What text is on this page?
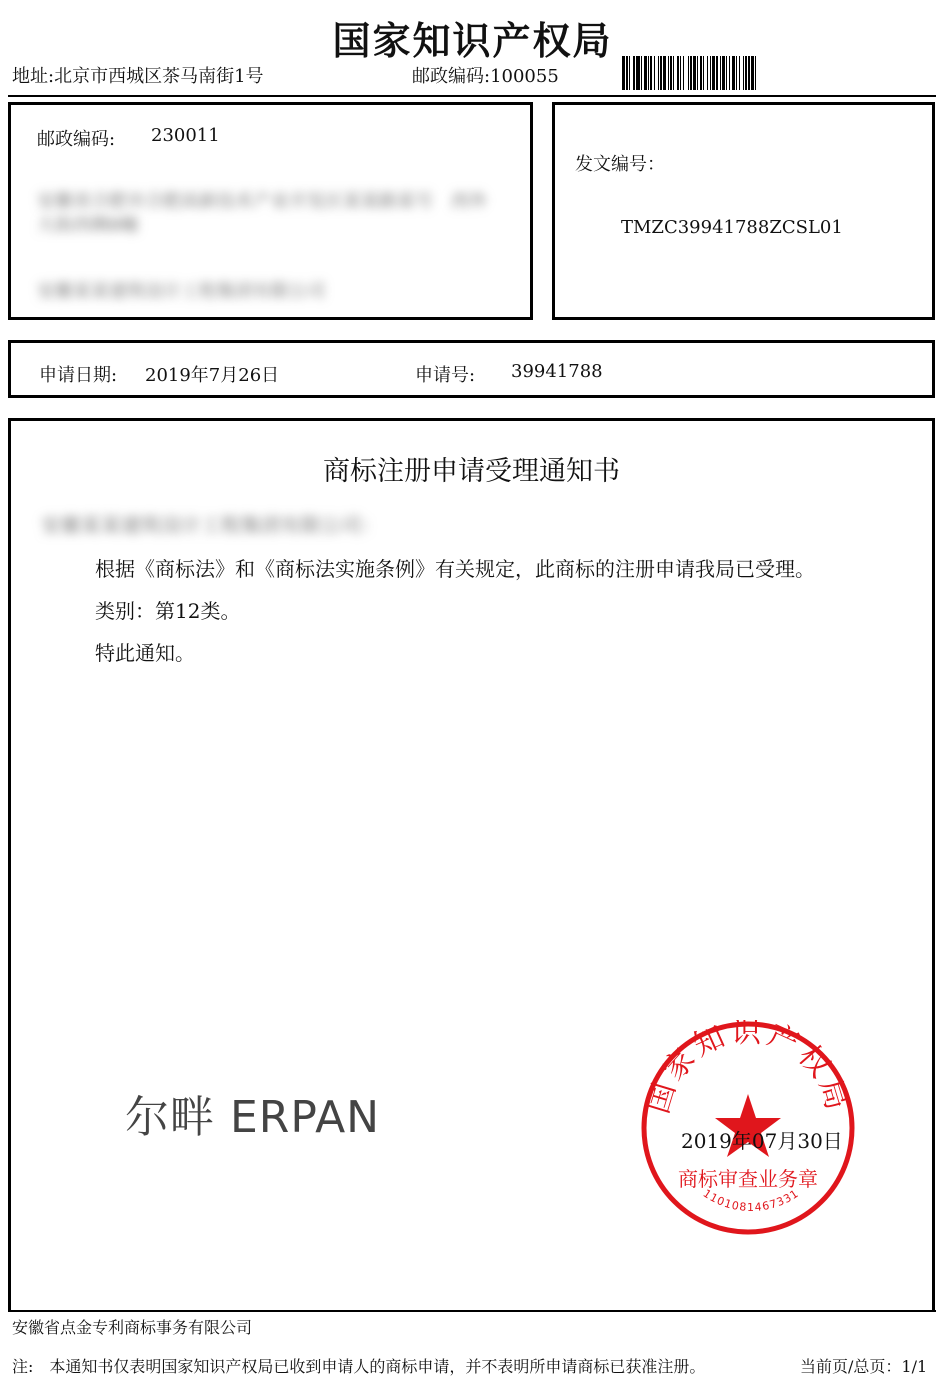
国家知识产权局
地址:北京市西城区茶马南街1号	邮政编码:100055
邮政编码: 230011
安徽省合肥市合肥高新技术产业开发区某某路某号　西外
大街西侧8幢
安徽某某建筑设计工程集团有限公司
发文编号：
TMZC39941788ZCSL01
申请日期: 2019年7月26日	申请号: 39941788
商标注册申请受理通知书
安徽某某建筑设计工程集团有限公司：
根据《商标法》和《商标法实施条例》有关规定，此商标的注册申请我局已受理。
类别：第12类。
特此通知。
尔畔 ERPAN	2019年07月30日
国家知识产权局
商标审查业务章
1101081467331
安徽省点金专利商标事务有限公司
注:　本通知书仅表明国家知识产权局已收到申请人的商标申请，并不表明所申请商标已获准注册。	当前页/总页：1/1
